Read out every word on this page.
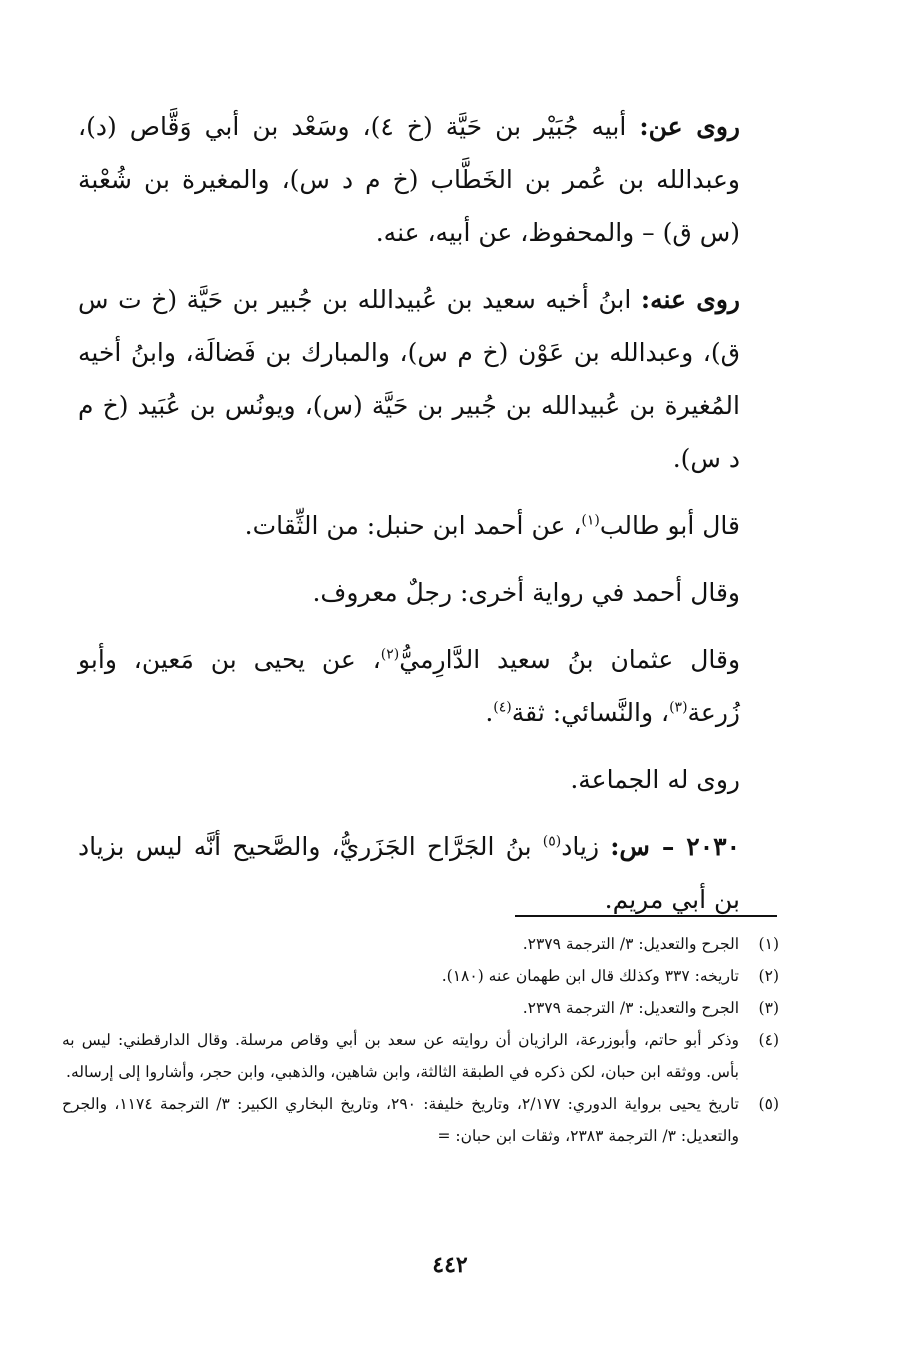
روى عن: أبيه جُبَيْر بن حَيَّة (خ ٤)، وسَعْد بن أبي وَقَّاص (د)، وعبدالله بن عُمر بن الخَطَّاب (خ م د س)، والمغيرة بن شُعْبة (س ق) – والمحفوظ، عن أبيه، عنه.

روى عنه: ابنُ أخيه سعيد بن عُبيدالله بن جُبير بن حَيَّة (خ ت س ق)، وعبدالله بن عَوْن (خ م س)، والمبارك بن فَضالَة، وابنُ أخيه المُغيرة بن عُبيدالله بن جُبير بن حَيَّة (س)، ويونُس بن عُبَيد (خ م د س).

قال أبو طالب$^{(١)}$، عن أحمد ابن حنبل: من الثِّقات.

وقال أحمد في رواية أخرى: رجلٌ معروف.

وقال عثمان بنُ سعيد الدَّارِميُّ$^{(٢)}$، عن يحيى بن مَعين، وأبو زُرعة$^{(٣)}$، والنَّسائي: ثقة$^{(٤)}$.

روى له الجماعة.

٢٠٣٠ – س: زياد$^{(٥)}$ بنُ الجَرَّاح الجَزَريُّ، والصَّحيح أنَّه ليس بزياد بن أبي مريم.

(١)
الجرح والتعديل: ٣/ الترجمة ٢٣٧٩.
(٢)
تاريخه: ٣٣٧ وكذلك قال ابن طهمان عنه (١٨٠).
(٣)
الجرح والتعديل: ٣/ الترجمة ٢٣٧٩.
(٤)
وذكر أبو حاتم، وأبوزرعة، الرازيان أن روايته عن سعد بن أبي وقاص مرسلة. وقال الدارقطني: ليس به بأس. ووثقه ابن حبان، لكن ذكره في الطبقة الثالثة، وابن شاهين، والذهبي، وابن حجر، وأشاروا إلى إرساله.
(٥)
تاريخ يحيى برواية الدوري: ٢/١٧٧، وتاريخ خليفة: ٢٩٠، وتاريخ البخاري الكبير: ٣/ الترجمة ١١٧٤، والجرح والتعديل: ٣/ الترجمة ٢٣٨٣، وثقات ابن حبان: =
٤٤٢
